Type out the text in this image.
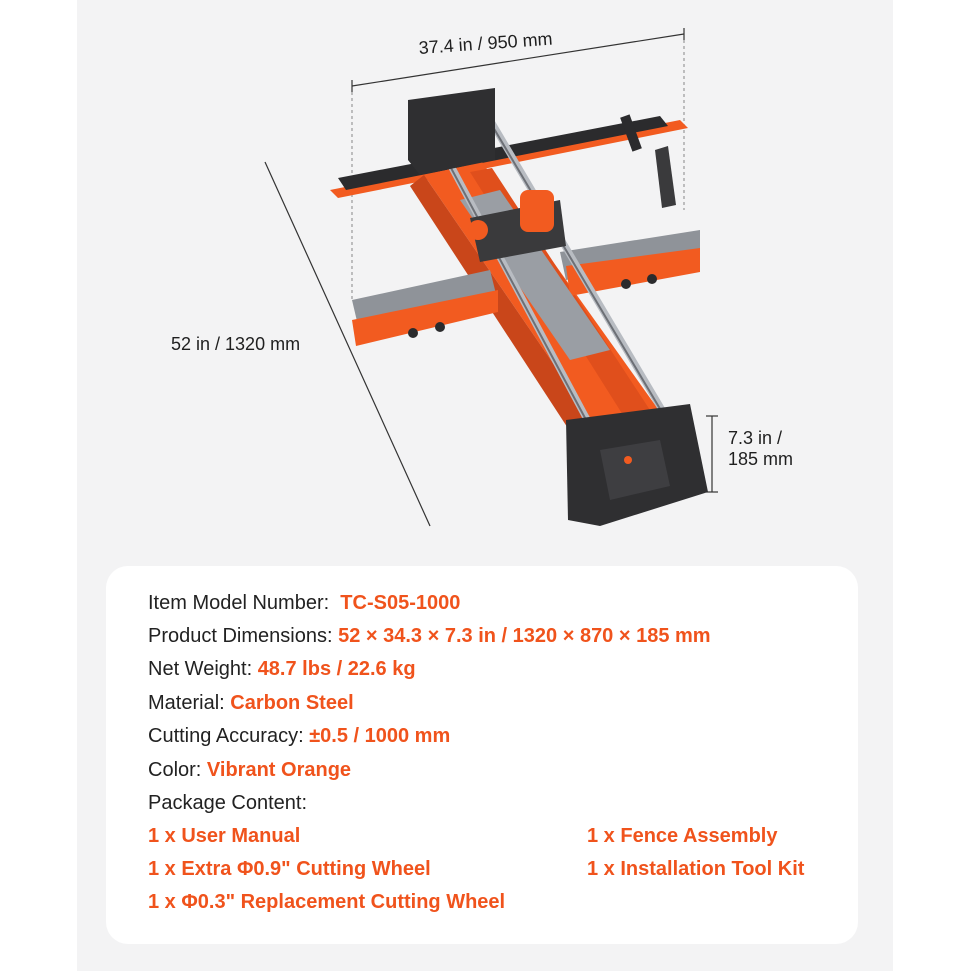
37.4 in / 950 mm
52 in / 1320 mm
7.3 in /
185 mm
Item Model Number: TC-S05-1000
Product Dimensions: 52 × 34.3 × 7.3 in / 1320 × 870 × 185 mm
Net Weight: 48.7 lbs / 22.6 kg
Material: Carbon Steel
Cutting Accuracy: ±0.5 / 1000 mm
Color: Vibrant Orange
Package Content:
1 x User Manual	1 x Fence Assembly
1 x Extra Φ0.9" Cutting Wheel	1 x Installation Tool Kit
1 x Φ0.3" Replacement Cutting Wheel
